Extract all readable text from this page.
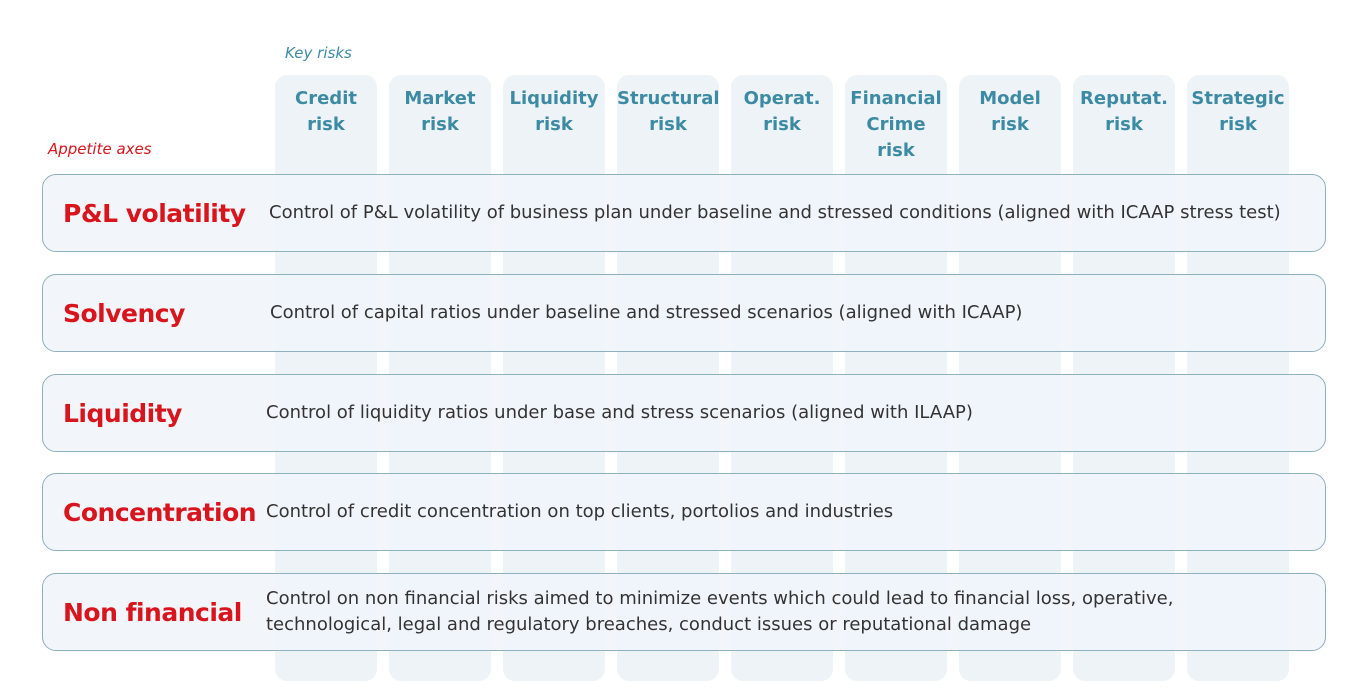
Key risks
Appetite axes
Credit
risk
Market
risk
Liquidity
risk
Structural
risk
Operat.
risk
Financial
Crime
risk
Model
risk
Reputat.
risk
Strategic
risk
P&L volatility Control of P&L volatility of business plan under baseline and stressed conditions (aligned with ICAAP stress test)
Solvency	Control of capital ratios under baseline and stressed scenarios (aligned with ICAAP)
Liquidity	Control of liquidity ratios under base and stress scenarios (aligned with ILAAP)
Concentration Control of credit concentration on top clients, portolios and industries
Non financial Control on non financial risks aimed to minimize events which could lead to financial loss, operative, technological, legal and regulatory breaches, conduct issues or reputational damage
